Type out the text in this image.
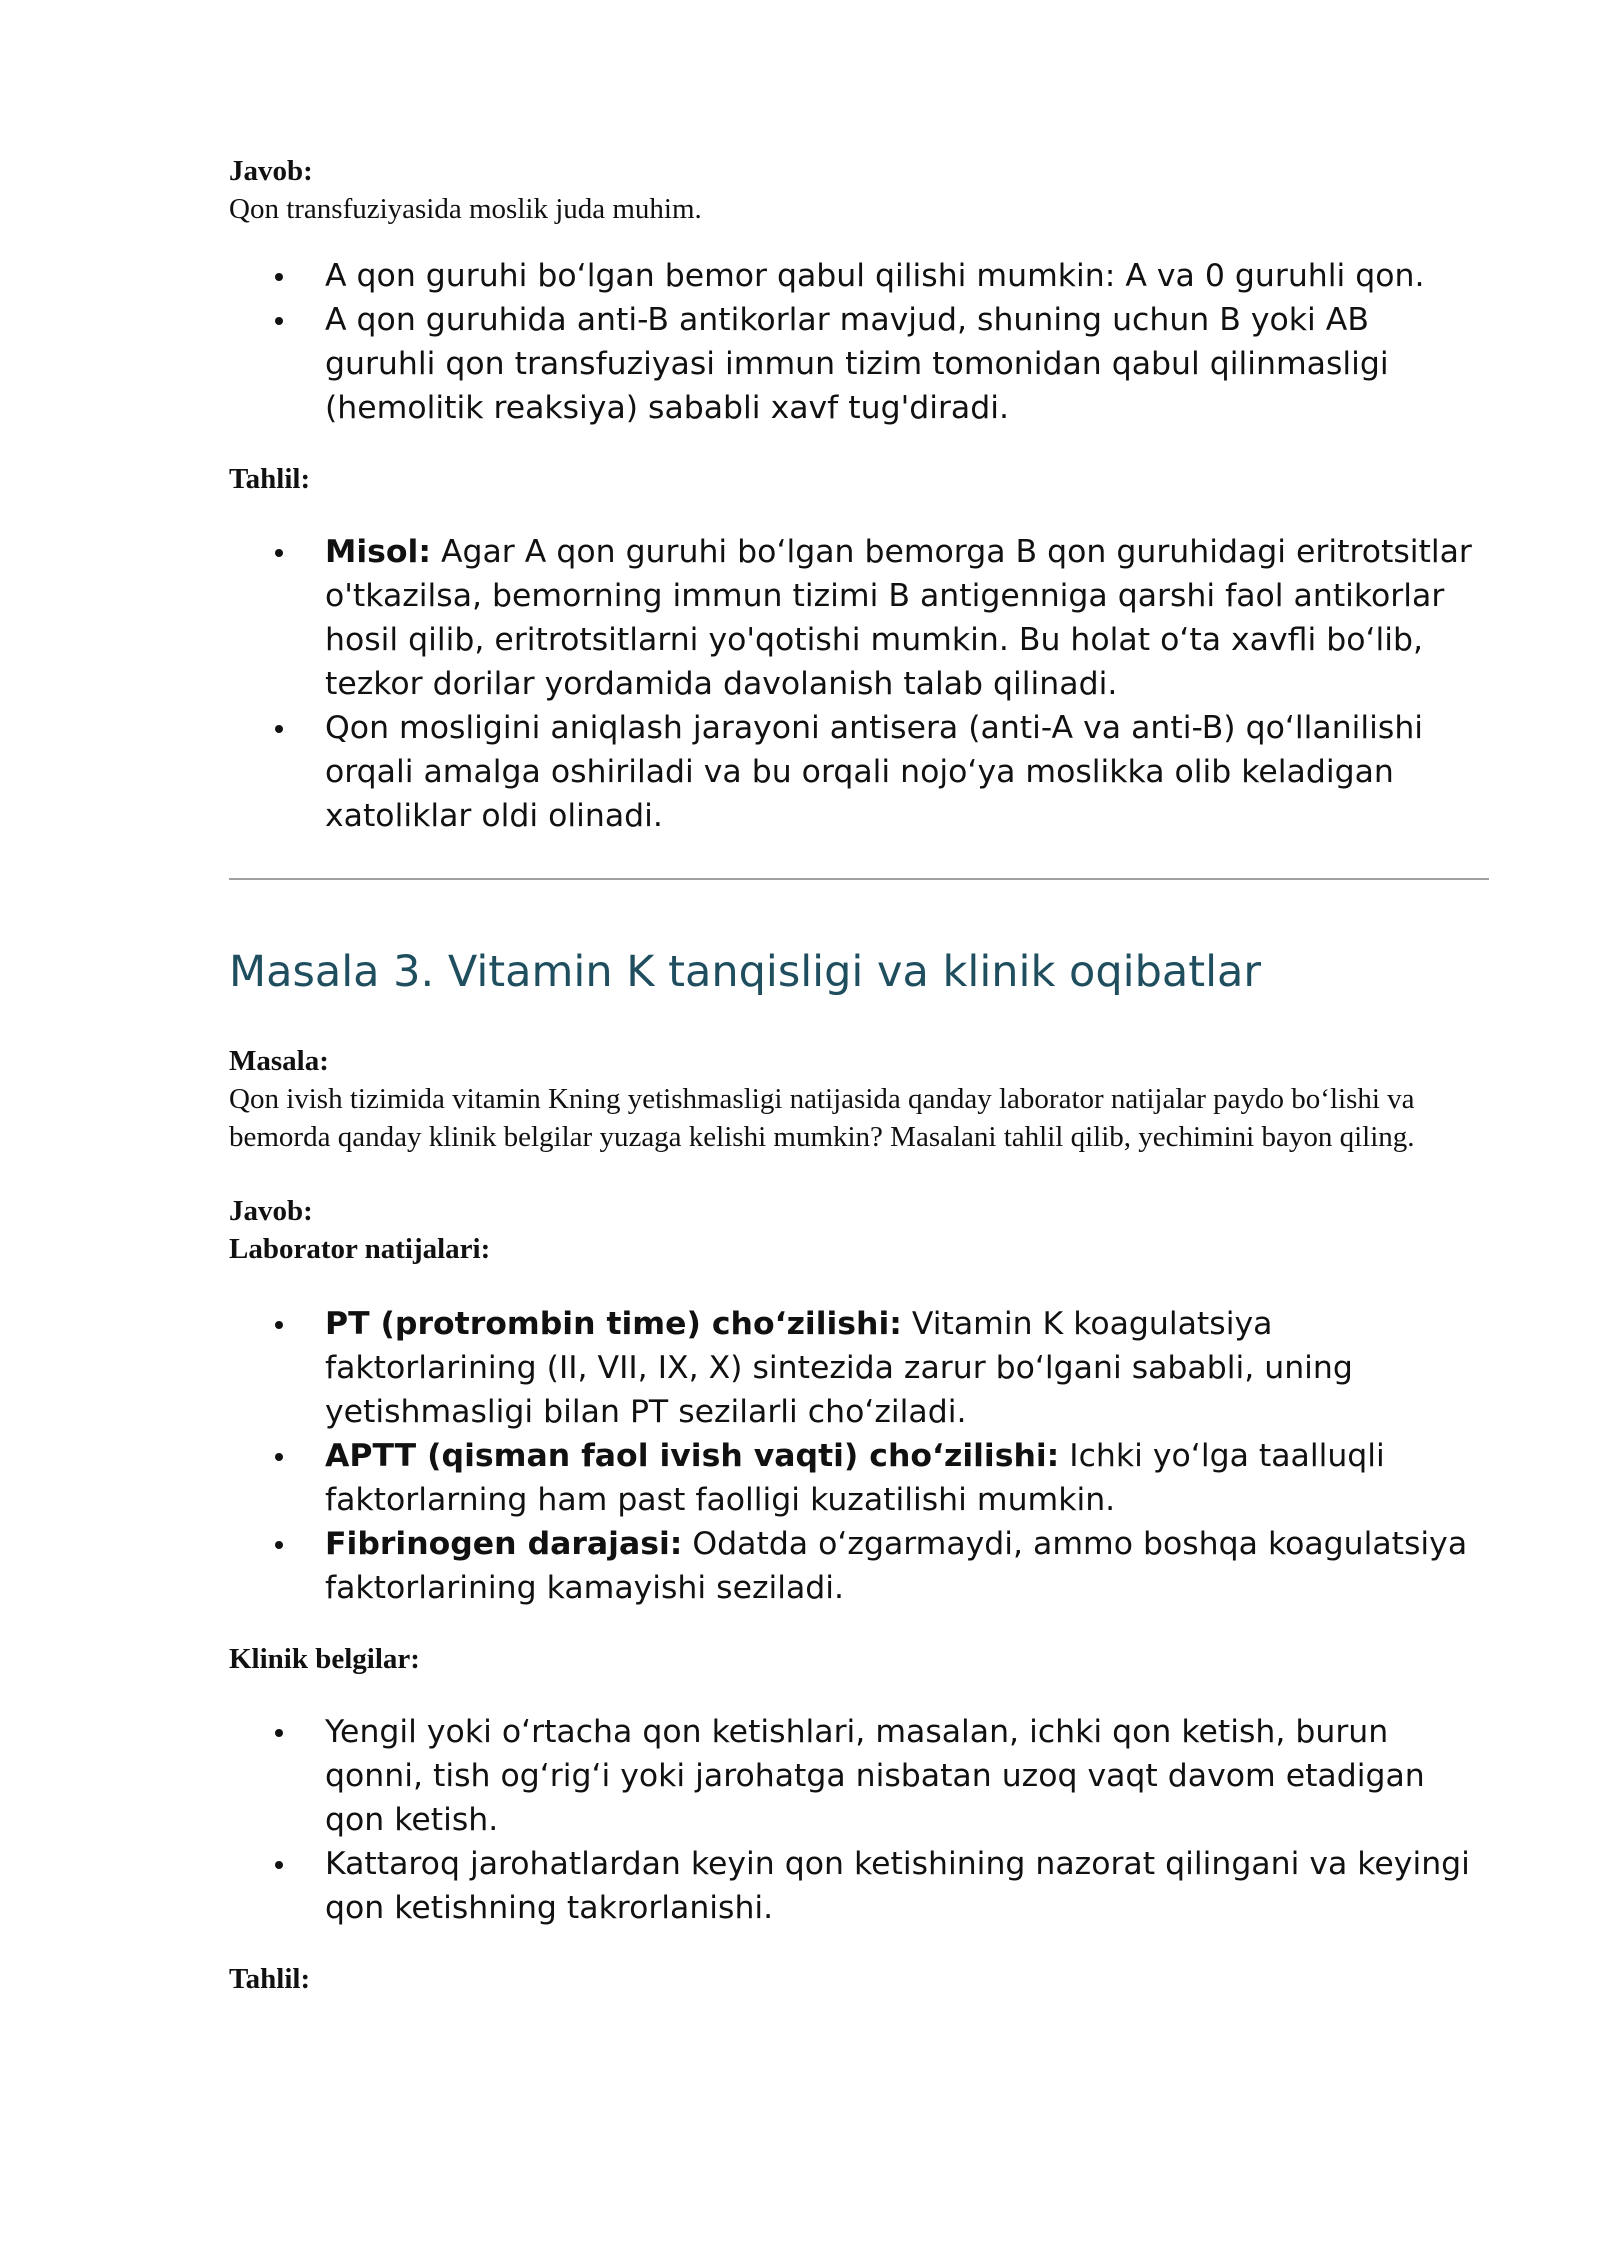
Javob:

Qon transfuziyasida moslik juda muhim.

A qon guruhi bo‘lgan bemor qabul qilishi mumkin: A va 0 guruhli qon.
A qon guruhida anti-B antikorlar mavjud, shuning uchun B yoki AB guruhli qon transfuziyasi immun tizim tomonidan qabul qilinmasligi (hemolitik reaksiya) sababli xavf tug'diradi.

Tahlil:

Misol: Agar A qon guruhi bo‘lgan bemorga B qon guruhidagi eritrotsitlar o'tkazilsa, bemorning immun tizimi B antigenniga qarshi faol antikorlar hosil qilib, eritrotsitlarni yo'qotishi mumkin. Bu holat o‘ta xavfli bo‘lib, tezkor dorilar yordamida davolanish talab qilinadi.
Qon mosligini aniqlash jarayoni antisera (anti-A va anti-B) qo‘llanilishi orqali amalga oshiriladi va bu orqali nojo‘ya moslikka olib keladigan xatoliklar oldi olinadi.
Masala 3. Vitamin K tanqisligi va klinik oqibatlar

Masala:

Qon ivish tizimida vitamin Kning yetishmasligi natijasida qanday laborator natijalar paydo bo‘lishi va bemorda qanday klinik belgilar yuzaga kelishi mumkin? Masalani tahlil qilib, yechimini bayon qiling.

Javob:

Laborator natijalari:

PT (protrombin time) cho‘zilishi: Vitamin K koagulatsiya faktorlarining (II, VII, IX, X) sintezida zarur bo‘lgani sababli, uning yetishmasligi bilan PT sezilarli cho‘ziladi.
APTT (qisman faol ivish vaqti) cho‘zilishi: Ichki yo‘lga taalluqli faktorlarning ham past faolligi kuzatilishi mumkin.
Fibrinogen darajasi: Odatda o‘zgarmaydi, ammo boshqa koagulatsiya faktorlarining kamayishi seziladi.

Klinik belgilar:

Yengil yoki o‘rtacha qon ketishlari, masalan, ichki qon ketish, burun qonni, tish og‘rig‘i yoki jarohatga nisbatan uzoq vaqt davom etadigan qon ketish.
Kattaroq jarohatlardan keyin qon ketishining nazorat qilingani va keyingi qon ketishning takrorlanishi.

Tahlil:
